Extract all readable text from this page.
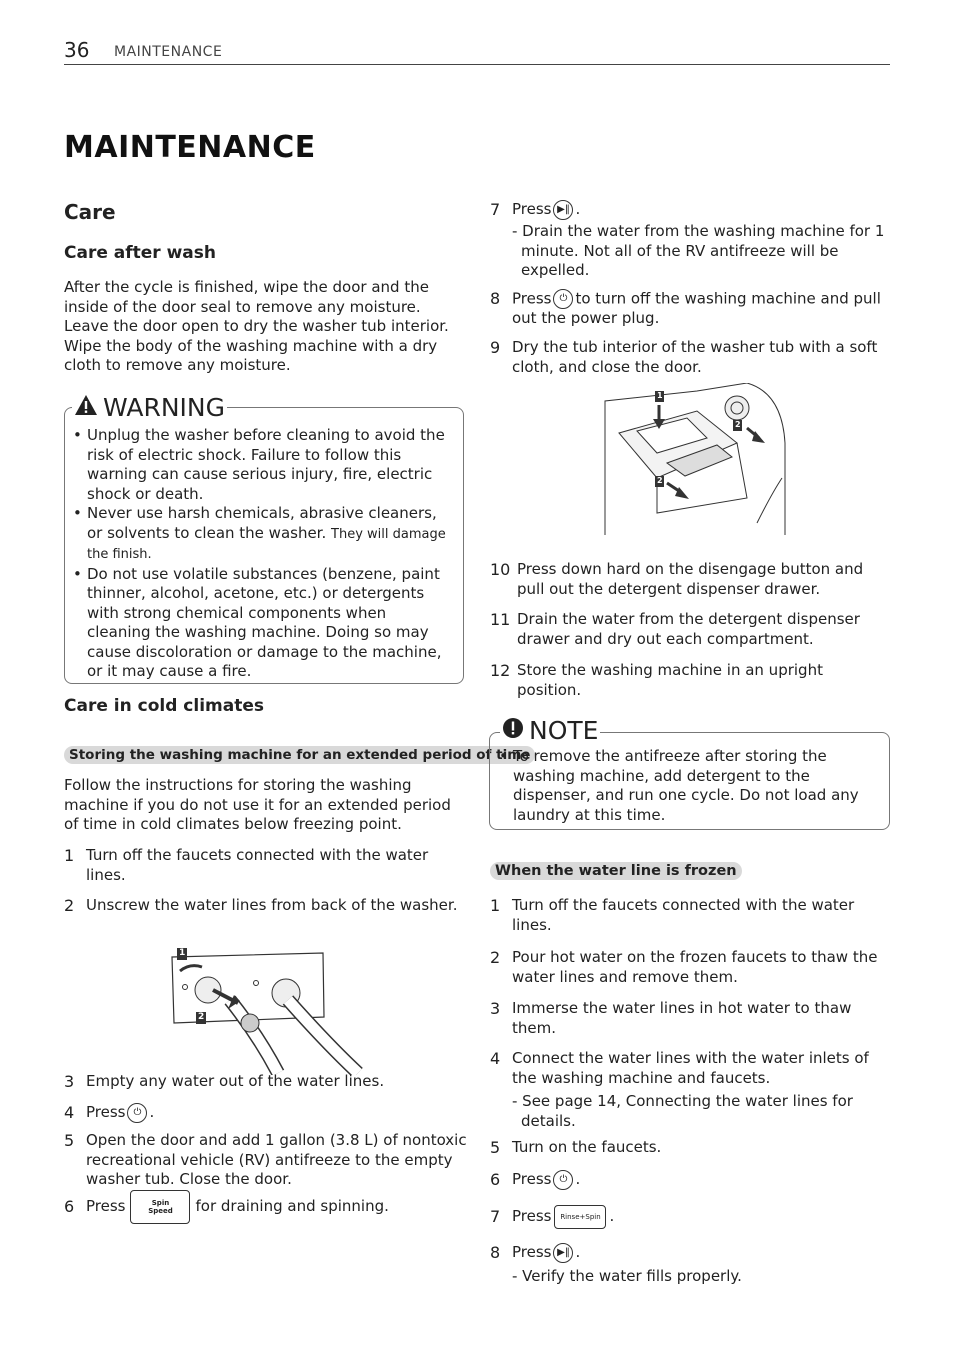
36 MAINTENANCE
MAINTENANCE
Care
Care after wash
After the cycle is finished, wipe the door and the inside of the door seal to remove any moisture. Leave the door open to dry the washer tub interior. Wipe the body of the washing machine with a dry cloth to remove any moisture.
WARNING
• Unplug the washer before cleaning to avoid the risk of electric shock. Failure to follow this warning can cause serious injury, fire, electric shock or death.
• Never use harsh chemicals, abrasive cleaners, or solvents to clean the washer. They will damage the finish.
• Do not use volatile substances (benzene, paint thinner, alcohol, acetone, etc.) or detergents with strong chemical components when cleaning the washing machine. Doing so may cause discoloration or damage to the machine, or it may cause a fire.
Care in cold climates
Storing the washing machine for an extended period of time
Follow the instructions for storing the washing machine if you do not use it for an extended period of time in cold climates below freezing point.
1 Turn off the faucets connected with the water lines.
2 Unscrew the water lines from back of the washer.
1
2
3 Empty any water out of the water lines.
4 Press ⏻ .
5 Open the door and add 1 gallon (3.8 L) of nontoxic recreational vehicle (RV) antifreeze to the empty washer tub. Close the door.
6 Press	Spin
Speed for draining and spinning.
7 Press ▶‖ .
- Drain the water from the washing machine for 1 minute. Not all of the RV antifreeze will be expelled.
8 Press ⏻ to turn off the washing machine and pull out the power plug.
9 Dry the tub interior of the washer tub with a soft cloth, and close the door.
1
2
2
10 Press down hard on the disengage button and pull out the detergent dispenser drawer.
11 Drain the water from the detergent dispenser drawer and dry out each compartment.
12 Store the washing machine in an upright position.
NOTE
• To remove the antifreeze after storing the washing machine, add detergent to the dispenser, and run one cycle. Do not load any laundry at this time.
When the water line is frozen
1 Turn off the faucets connected with the water lines.
2 Pour hot water on the frozen faucets to thaw the water lines and remove them.
3 Immerse the water lines in hot water to thaw them.
4 Connect the water lines with the water inlets of the washing machine and faucets.
- See page 14, Connecting the water lines for details.
5 Turn on the faucets.
6 Press ⏻ .
7 Press Rinse+Spin .
8 Press ▶‖ .
- Verify the water fills properly.
